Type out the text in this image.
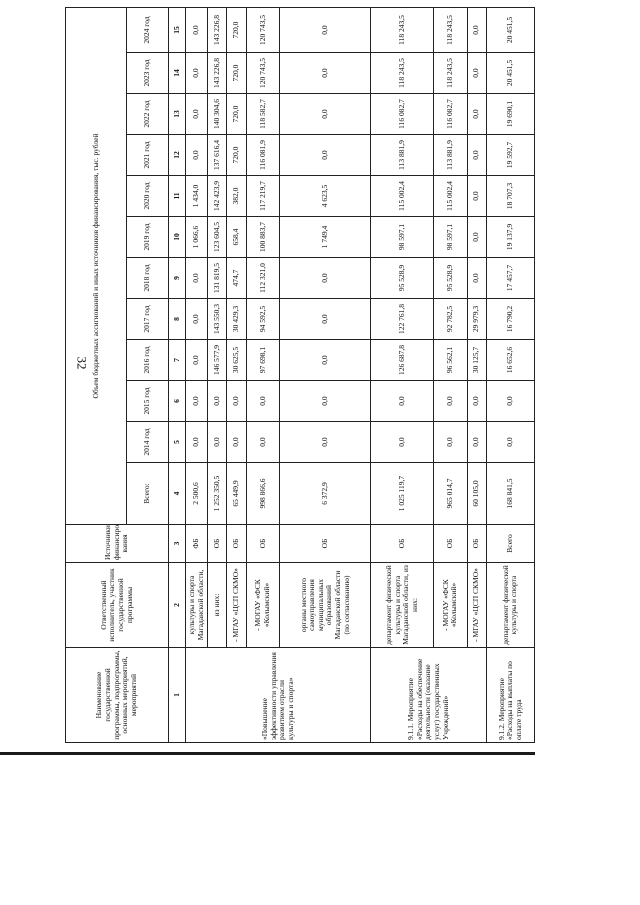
32
Наименование государственной программы, подпрограммы, основных мероприятий, мероприятий	Ответственный исполнитель, участник государственной программы	Источники финансиро вания	Объем бюджетных ассигнований и иных источников финансирования, тыс. рублей											
			Всего:	2014 год	2015 год	2016 год	2017 год	2018 год	2019 год	2020 год	2021 год	2022 год	2023 год	2024 год
1	2	3	4	5	6	7	8	9	10	11	12	13	14	15
«Повышение эффективности управления развитием отрасли культуры и спорта»	культуры и спорта Магаданской области,	ФБ	2 500,6	0,0	0,0	0,0	0,0	0,0	1 066,6	1 434,0	0,0	0,0	0,0	0,0
	из них:	ОБ	1 252 350,5	0,0	0,0	146 577,9	143 550,3	131 819,5	123 604,5	142 423,9	137 616,4	140 304,6	143 226,8	143 226,8
	- МГАУ «ЦСП СКМО»	ОБ	65 449,9	0,0	0,0	30 625,5	30 429,3	474,7	658,4	382,0	720,0	720,0	720,0	720,0
	- МОГАУ «ФСК «Колымский»	ОБ	998 866,6	0,0	0,0	97 698,1	94 592,5	112 321,0	100 883,7	117 219,7	116 081,9	118 582,7	120 743,5	120 743,5
	органы местного самоуправления муниципальных образований Магаданской области (по согласованию)	ОБ	6 372,9	0,0	0,0	0,0	0,0	0,0	1 749,4	4 623,5	0,0	0,0	0,0	0,0
9.1.1. Мероприятие «Расходы на обеспечение деятельности (оказание услуг) государственных Учреждений»	департамент физической культуры и спорта Магаданской области, из них:	ОБ	1 025 119,7	0,0	0,0	126 687,8	122 761,8	95 528,9	98 597,1	115 002,4	113 881,9	116 082,7	118 243,5	118 243,5
	- МОГАУ «ФСК «Колымский»	ОБ	965 014,7	0,0	0,0	96 562,1	92 782,5	95 528,9	98 597,1	115 002,4	113 881,9	116 082,7	118 243,5	118 243,5
	- МГАУ «ЦСП СКМО»	ОБ	60 105,0	0,0	0,0	30 125,7	29 979,3	0,0	0,0	0,0	0,0	0,0	0,0	0,0
9.1.2. Мероприятие «Расходы на выплаты по оплате труда	департамент физической культуры и спорта	Всего	168 841,5	0,0	0,0	16 652,6	16 790,2	17 457,7	19 137,9	18 707,3	19 592,7	19 690,1	20 451,5	20 451,5
